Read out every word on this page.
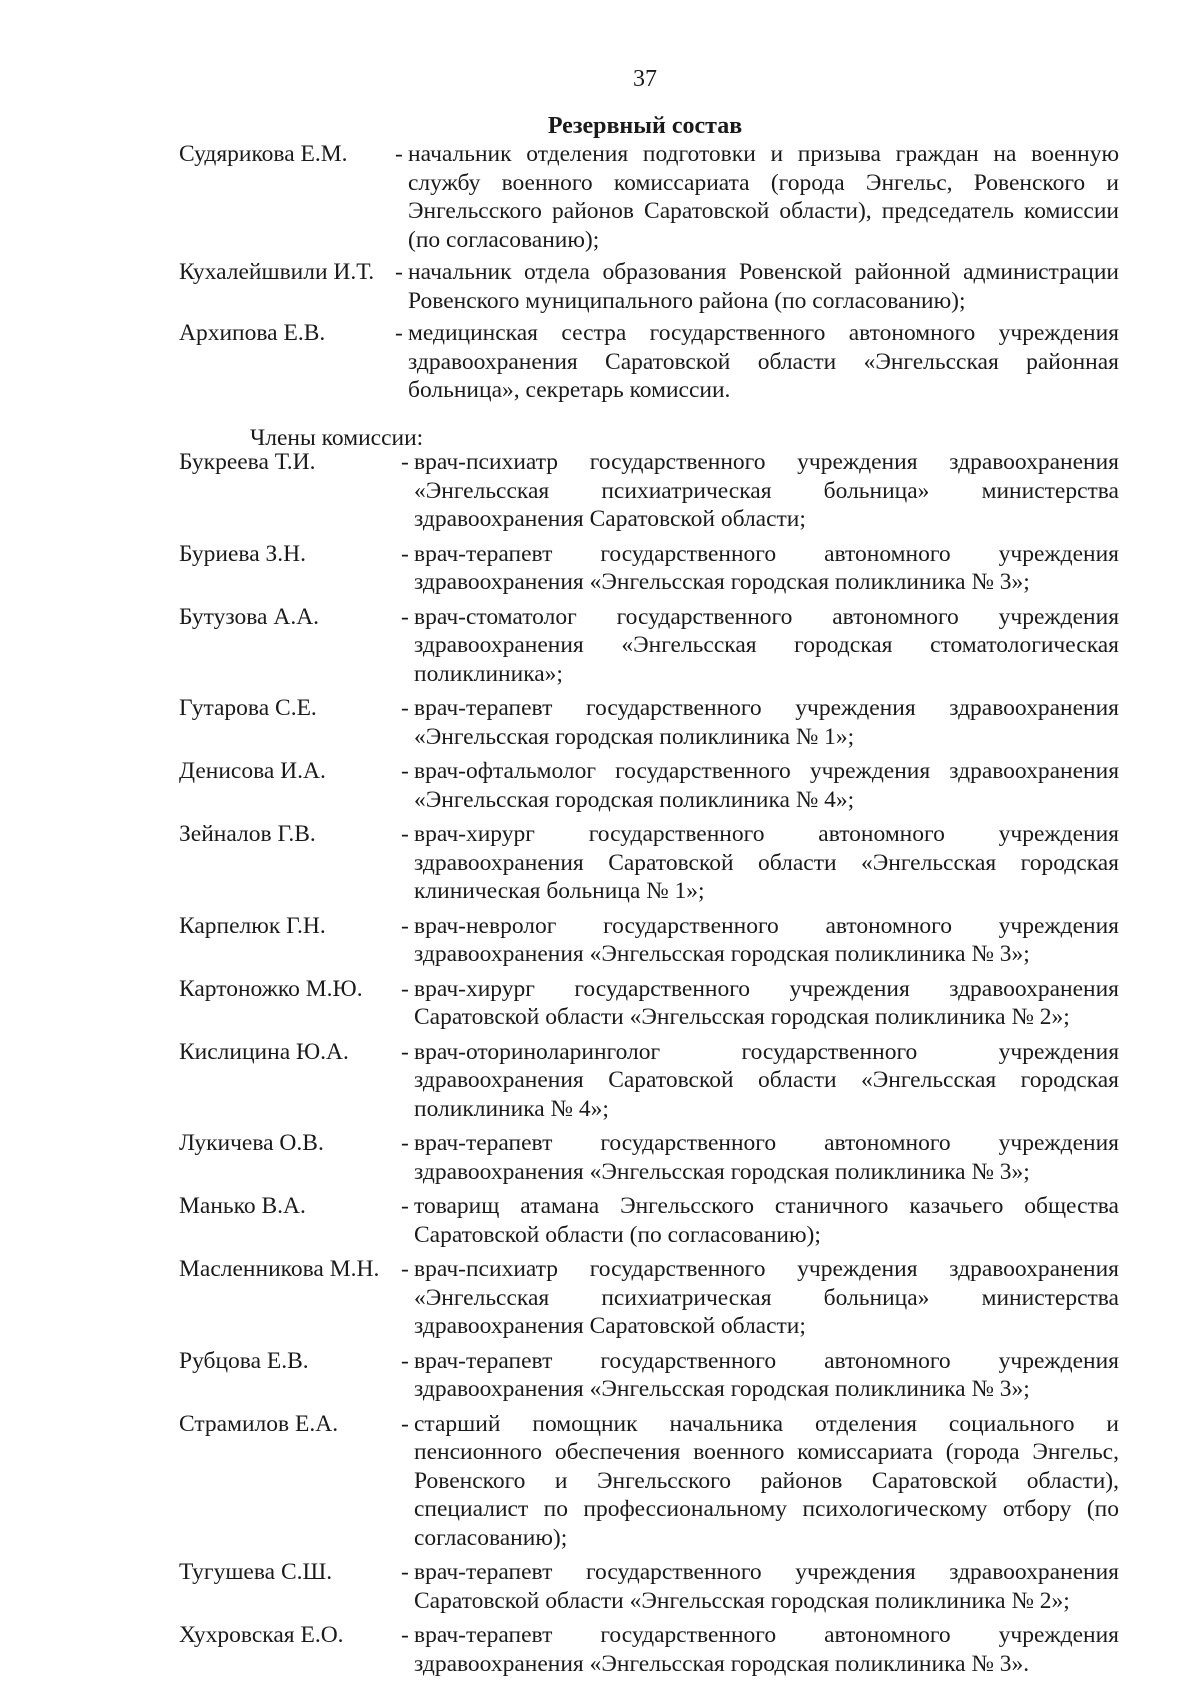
37
Резервный состав
Судярикова Е.М.	- начальник отделения подготовки и призыва граждан на военную службу военного комиссариата (города Энгельс, Ровенского и Энгельсского районов Саратовской области), председатель комиссии (по согласованию);
Кухалейшвили И.Т. - начальник отдела образования Ровенской районной администрации Ровенского муниципального района (по согласованию);
Архипова Е.В.	- медицинская сестра государственного автономного учреждения здравоохранения Саратовской области «Энгельсская районная больница», секретарь комиссии.
Члены комиссии:
Букреева Т.И.	- врач-психиатр государственного учреждения здравоохранения «Энгельсская психиатрическая больница» министерства здравоохранения Саратовской области;
Буриева З.Н.	- врач-терапевт государственного автономного учреждения здравоохранения «Энгельсская городская поликлиника № 3»;
Бутузова А.А.	- врач-стоматолог государственного автономного учреждения здравоохранения «Энгельсская городская стоматологическая поликлиника»;
Гутарова С.Е.	- врач-терапевт государственного учреждения здравоохранения «Энгельсская городская поликлиника № 1»;
Денисова И.А.	- врач-офтальмолог государственного учреждения здравоохранения «Энгельсская городская поликлиника № 4»;
Зейналов Г.В.	- врач-хирург государственного автономного учреждения здравоохранения Саратовской области «Энгельсская городская клиническая больница № 1»;
Карпелюк Г.Н.	- врач-невролог государственного автономного учреждения здравоохранения «Энгельсская городская поликлиника № 3»;
Картоножко М.Ю.	- врач-хирург государственного учреждения здравоохранения Саратовской области «Энгельсская городская поликлиника № 2»;
Кислицина Ю.А.	- врач-оториноларинголог государственного учреждения здравоохранения Саратовской области «Энгельсская городская поликлиника № 4»;
Лукичева О.В.	- врач-терапевт государственного автономного учреждения здравоохранения «Энгельсская городская поликлиника № 3»;
Манько В.А.	- товарищ атамана Энгельсского станичного казачьего общества Саратовской области (по согласованию);
Масленникова М.Н. - врач-психиатр государственного учреждения здравоохранения «Энгельсская психиатрическая больница» министерства здравоохранения Саратовской области;
Рубцова Е.В.	- врач-терапевт государственного автономного учреждения здравоохранения «Энгельсская городская поликлиника № 3»;
Страмилов Е.А.	- старший помощник начальника отделения социального и пенсионного обеспечения военного комиссариата (города Энгельс, Ровенского и Энгельсского районов Саратовской области), специалист по профессиональному психологическому отбору (по согласованию);
Тугушева С.Ш.	- врач-терапевт государственного учреждения здравоохранения Саратовской области «Энгельсская городская поликлиника № 2»;
Хухровская Е.О.	- врач-терапевт государственного автономного учреждения здравоохранения «Энгельсская городская поликлиника № 3».
